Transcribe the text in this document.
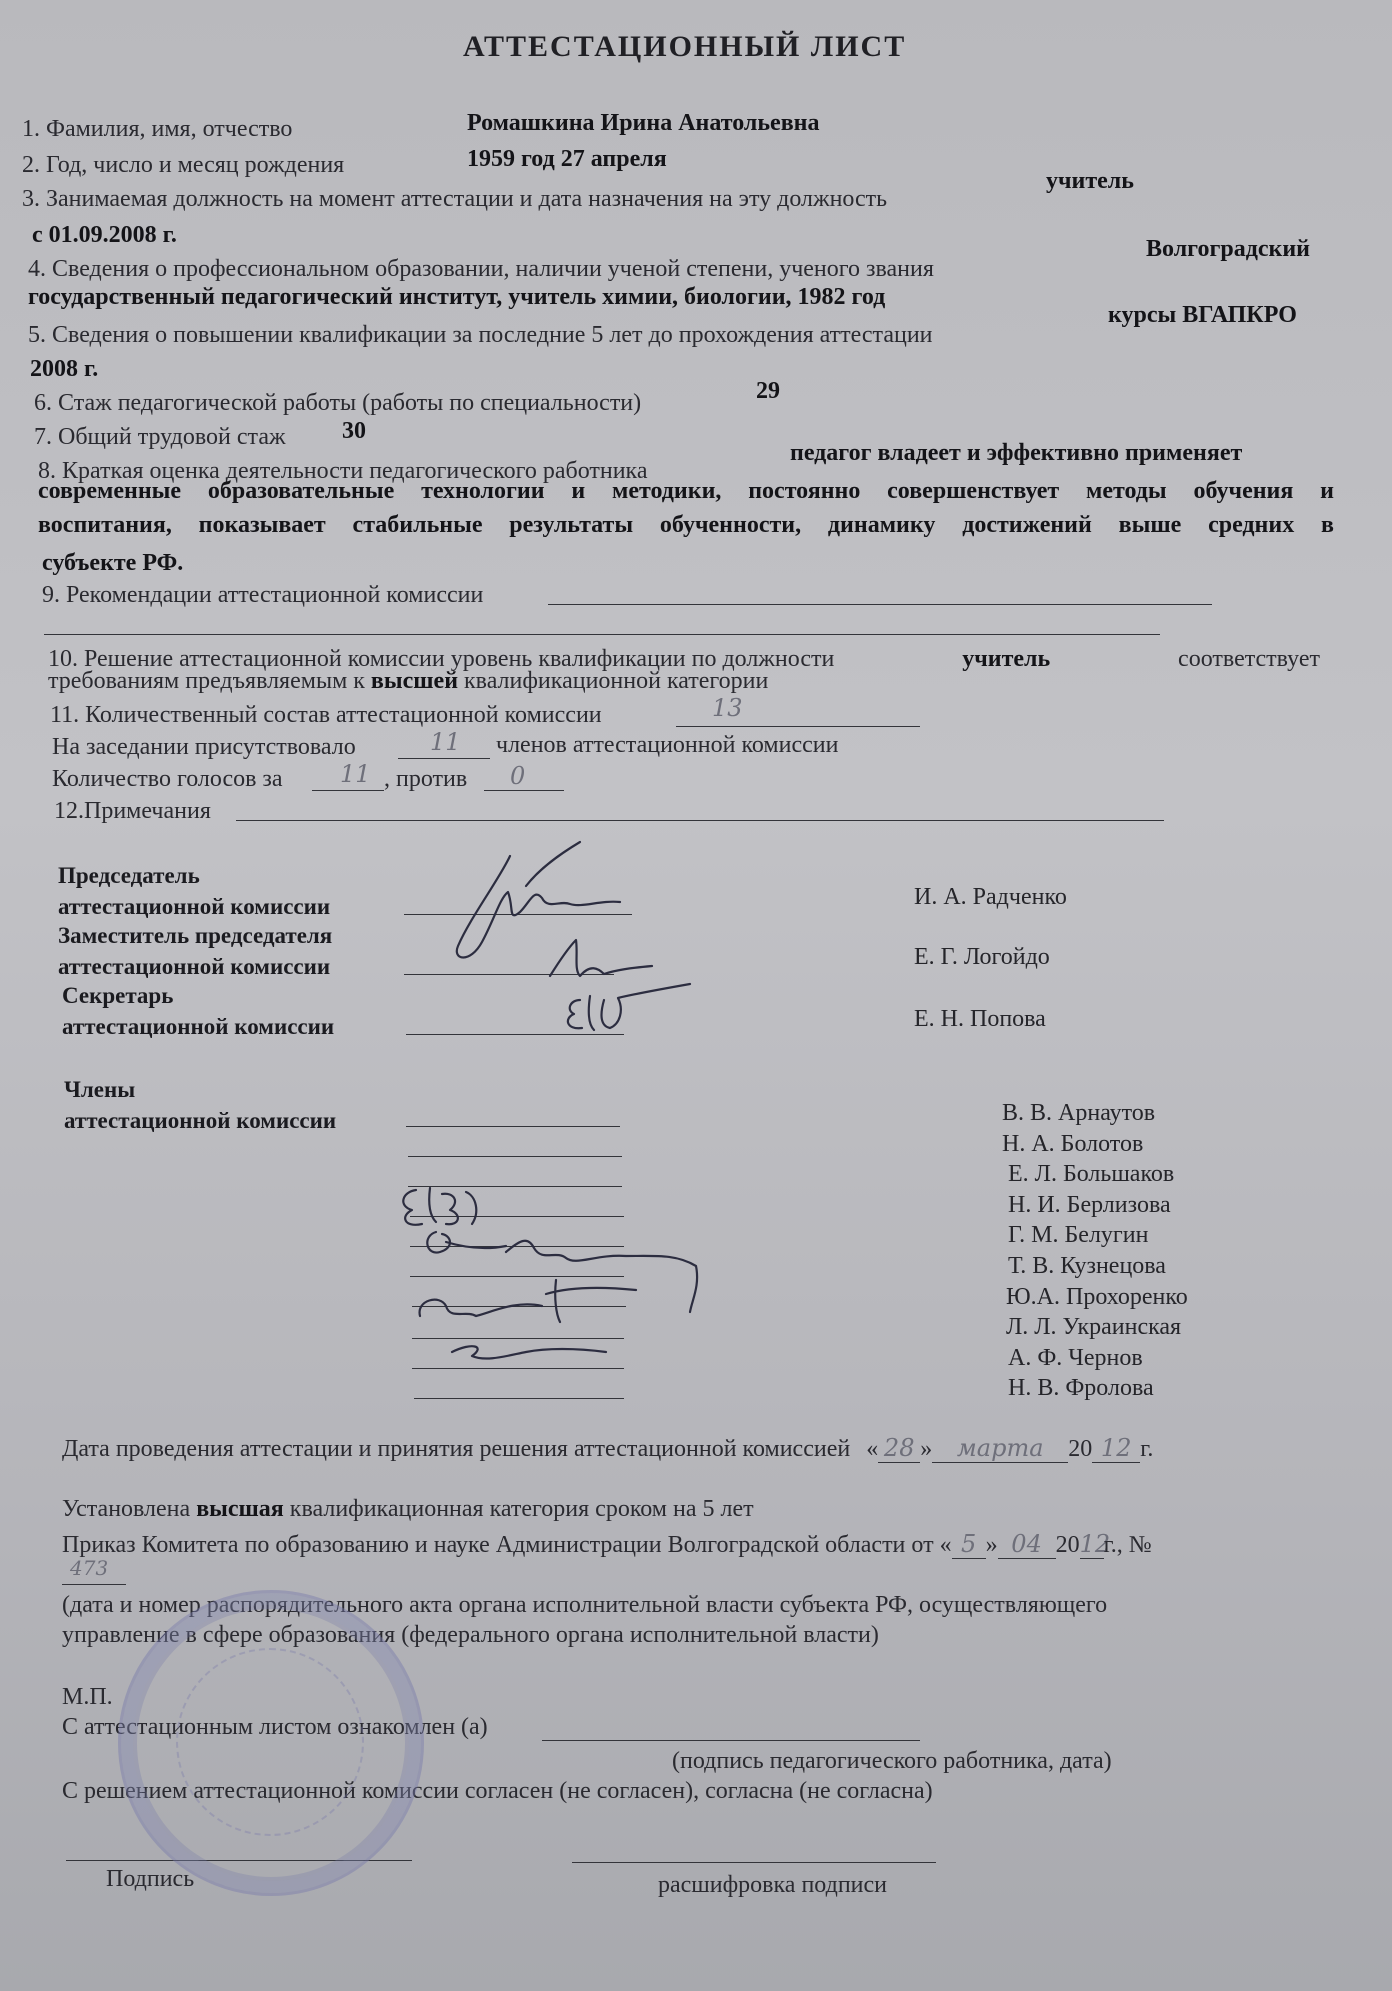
АТТЕСТАЦИОННЫЙ ЛИСТ
1. Фамилия, имя, отчество	Ромашкина Ирина Анатольевна
2. Год, число и месяц рождения	1959 год 27 апреля
3. Занимаемая должность на момент аттестации и дата назначения на эту должность
учитель
с 01.09.2008 г.
4. Сведения о профессиональном образовании, наличии ученой степени, ученого звания
Волгоградский
государственный педагогический институт, учитель химии, биологии, 1982 год
5. Сведения о повышении квалификации за последние 5 лет до прохождения аттестации
курсы ВГАПКРО
2008 г.
6. Стаж педагогической работы (работы по специальности)	29
7. Общий трудовой стаж 30
8. Краткая оценка деятельности педагогического работника
педагог владеет и эффективно применяет
современные образовательные технологии и методики, постоянно совершенствует методы обучения и
воспитания, показывает стабильные результаты обученности, динамику достижений выше средних в
субъекте РФ.
9. Рекомендации аттестационной комиссии
10. Решение аттестационной комиссии уровень квалификации по должности	учитель	соответствует
требованиям предъявляемым к высшей квалификационной категории
11. Количественный состав аттестационной комиссии	13
На заседании присутствовало	11 членов аттестационной комиссии
Количество голосов за 11 , против 0
12.Примечания
Председатель
аттестационной комиссии	И. А. Радченко
Заместитель председателя
аттестационной комиссии	Е. Г. Логойдо
Секретарь
аттестационной комиссии	Е. Н. Попова
Члены
аттестационной комиссии	В. В. Арнаутов
Н. А. Болотов
Е. Л. Большаков
Н. И. Берлизова
Г. М. Белугин
Т. В. Кузнецова
Ю.А. Прохоренко
Л. Л. Украинская
А. Ф. Чернов
Н. В. Фролова
Дата проведения аттестации и принятия решения аттестационной комиссией « 28 » марта 20 12 г.
Установлена высшая квалификационная категория сроком на 5 лет
Приказ Комитета по образованию и науке Администрации Волгоградской области от « 5 » 04 2012г., №
473
(дата и номер распорядительного акта органа исполнительной власти субъекта РФ, осуществляющего
управление в сфере образования (федерального органа исполнительной власти)
М.П.
С аттестационным листом ознакомлен (а)
(подпись педагогического работника, дата)
С решением аттестационной комиссии согласен (не согласен), согласна (не согласна)
Подпись	расшифровка подписи
